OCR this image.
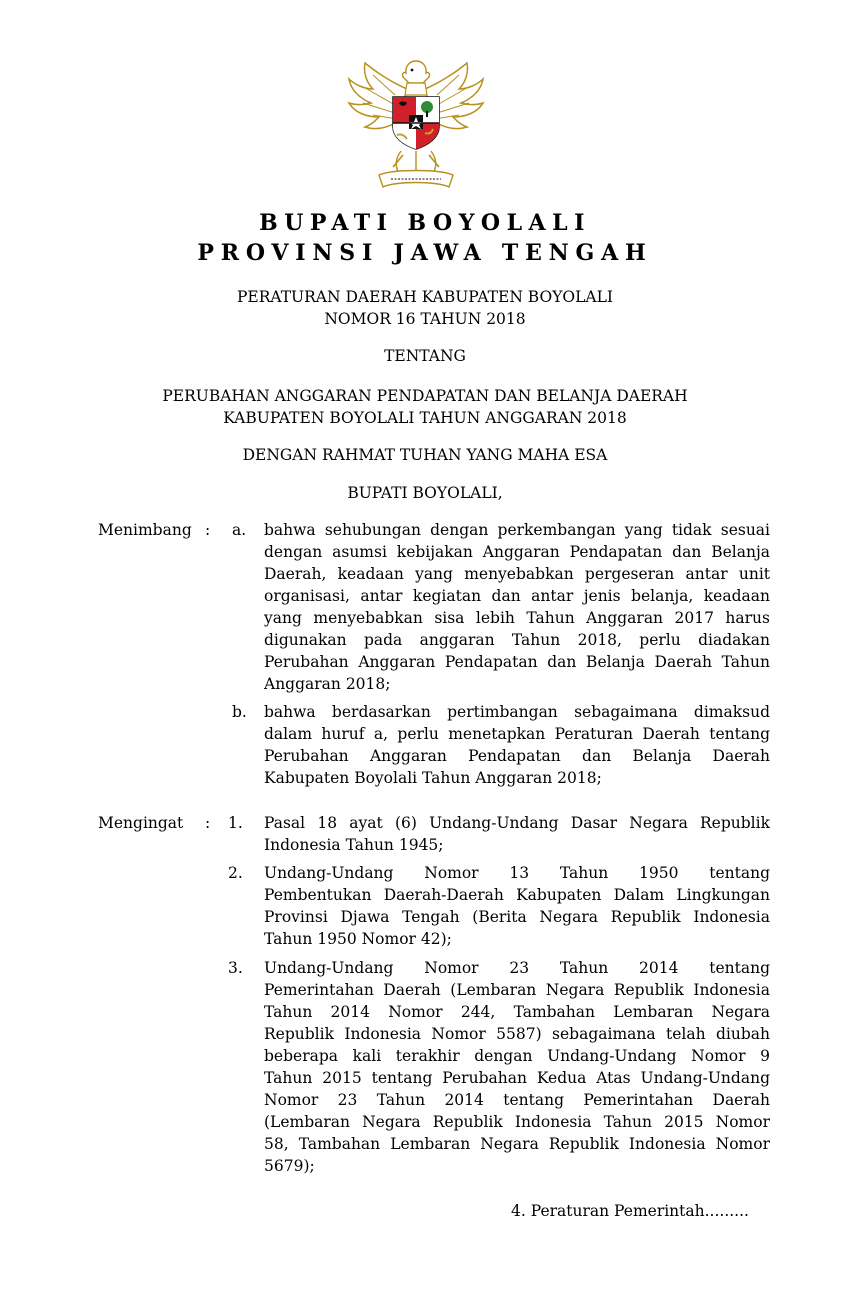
BUPATI BOYOLALI
PROVINSI JAWA TENGAH
PERATURAN DAERAH KABUPATEN BOYOLALI
NOMOR 16 TAHUN 2018
TENTANG
PERUBAHAN ANGGARAN PENDAPATAN DAN BELANJA DAERAH
KABUPATEN BOYOLALI TAHUN ANGGARAN 2018
DENGAN RAHMAT TUHAN YANG MAHA ESA
BUPATI BOYOLALI,
Menimbang : a. bahwa sehubungan dengan perkembangan yang tidak sesuai
dengan asumsi kebijakan Anggaran Pendapatan dan Belanja
Daerah, keadaan yang menyebabkan pergeseran antar unit
organisasi, antar kegiatan dan antar jenis belanja, keadaan
yang menyebabkan sisa lebih Tahun Anggaran 2017 harus
digunakan pada anggaran Tahun 2018, perlu diadakan
Perubahan Anggaran Pendapatan dan Belanja Daerah Tahun
Anggaran 2018;
b. bahwa berdasarkan pertimbangan sebagaimana dimaksud
dalam huruf a, perlu menetapkan Peraturan Daerah tentang
Perubahan Anggaran Pendapatan dan Belanja Daerah
Kabupaten Boyolali Tahun Anggaran 2018;
Mengingat : 1. Pasal 18 ayat (6) Undang-Undang Dasar Negara Republik
Indonesia Tahun 1945;
2. Undang-Undang Nomor 13 Tahun 1950 tentang
Pembentukan Daerah-Daerah Kabupaten Dalam Lingkungan
Provinsi Djawa Tengah (Berita Negara Republik Indonesia
Tahun 1950 Nomor 42);
3. Undang-Undang Nomor 23 Tahun 2014 tentang
Pemerintahan Daerah (Lembaran Negara Republik Indonesia
Tahun 2014 Nomor 244, Tambahan Lembaran Negara
Republik Indonesia Nomor 5587) sebagaimana telah diubah
beberapa kali terakhir dengan Undang-Undang Nomor 9
Tahun 2015 tentang Perubahan Kedua Atas Undang-Undang
Nomor 23 Tahun 2014 tentang Pemerintahan Daerah
(Lembaran Negara Republik Indonesia Tahun 2015 Nomor
58, Tambahan Lembaran Negara Republik Indonesia Nomor
5679);
4. Peraturan Pemerintah.........
